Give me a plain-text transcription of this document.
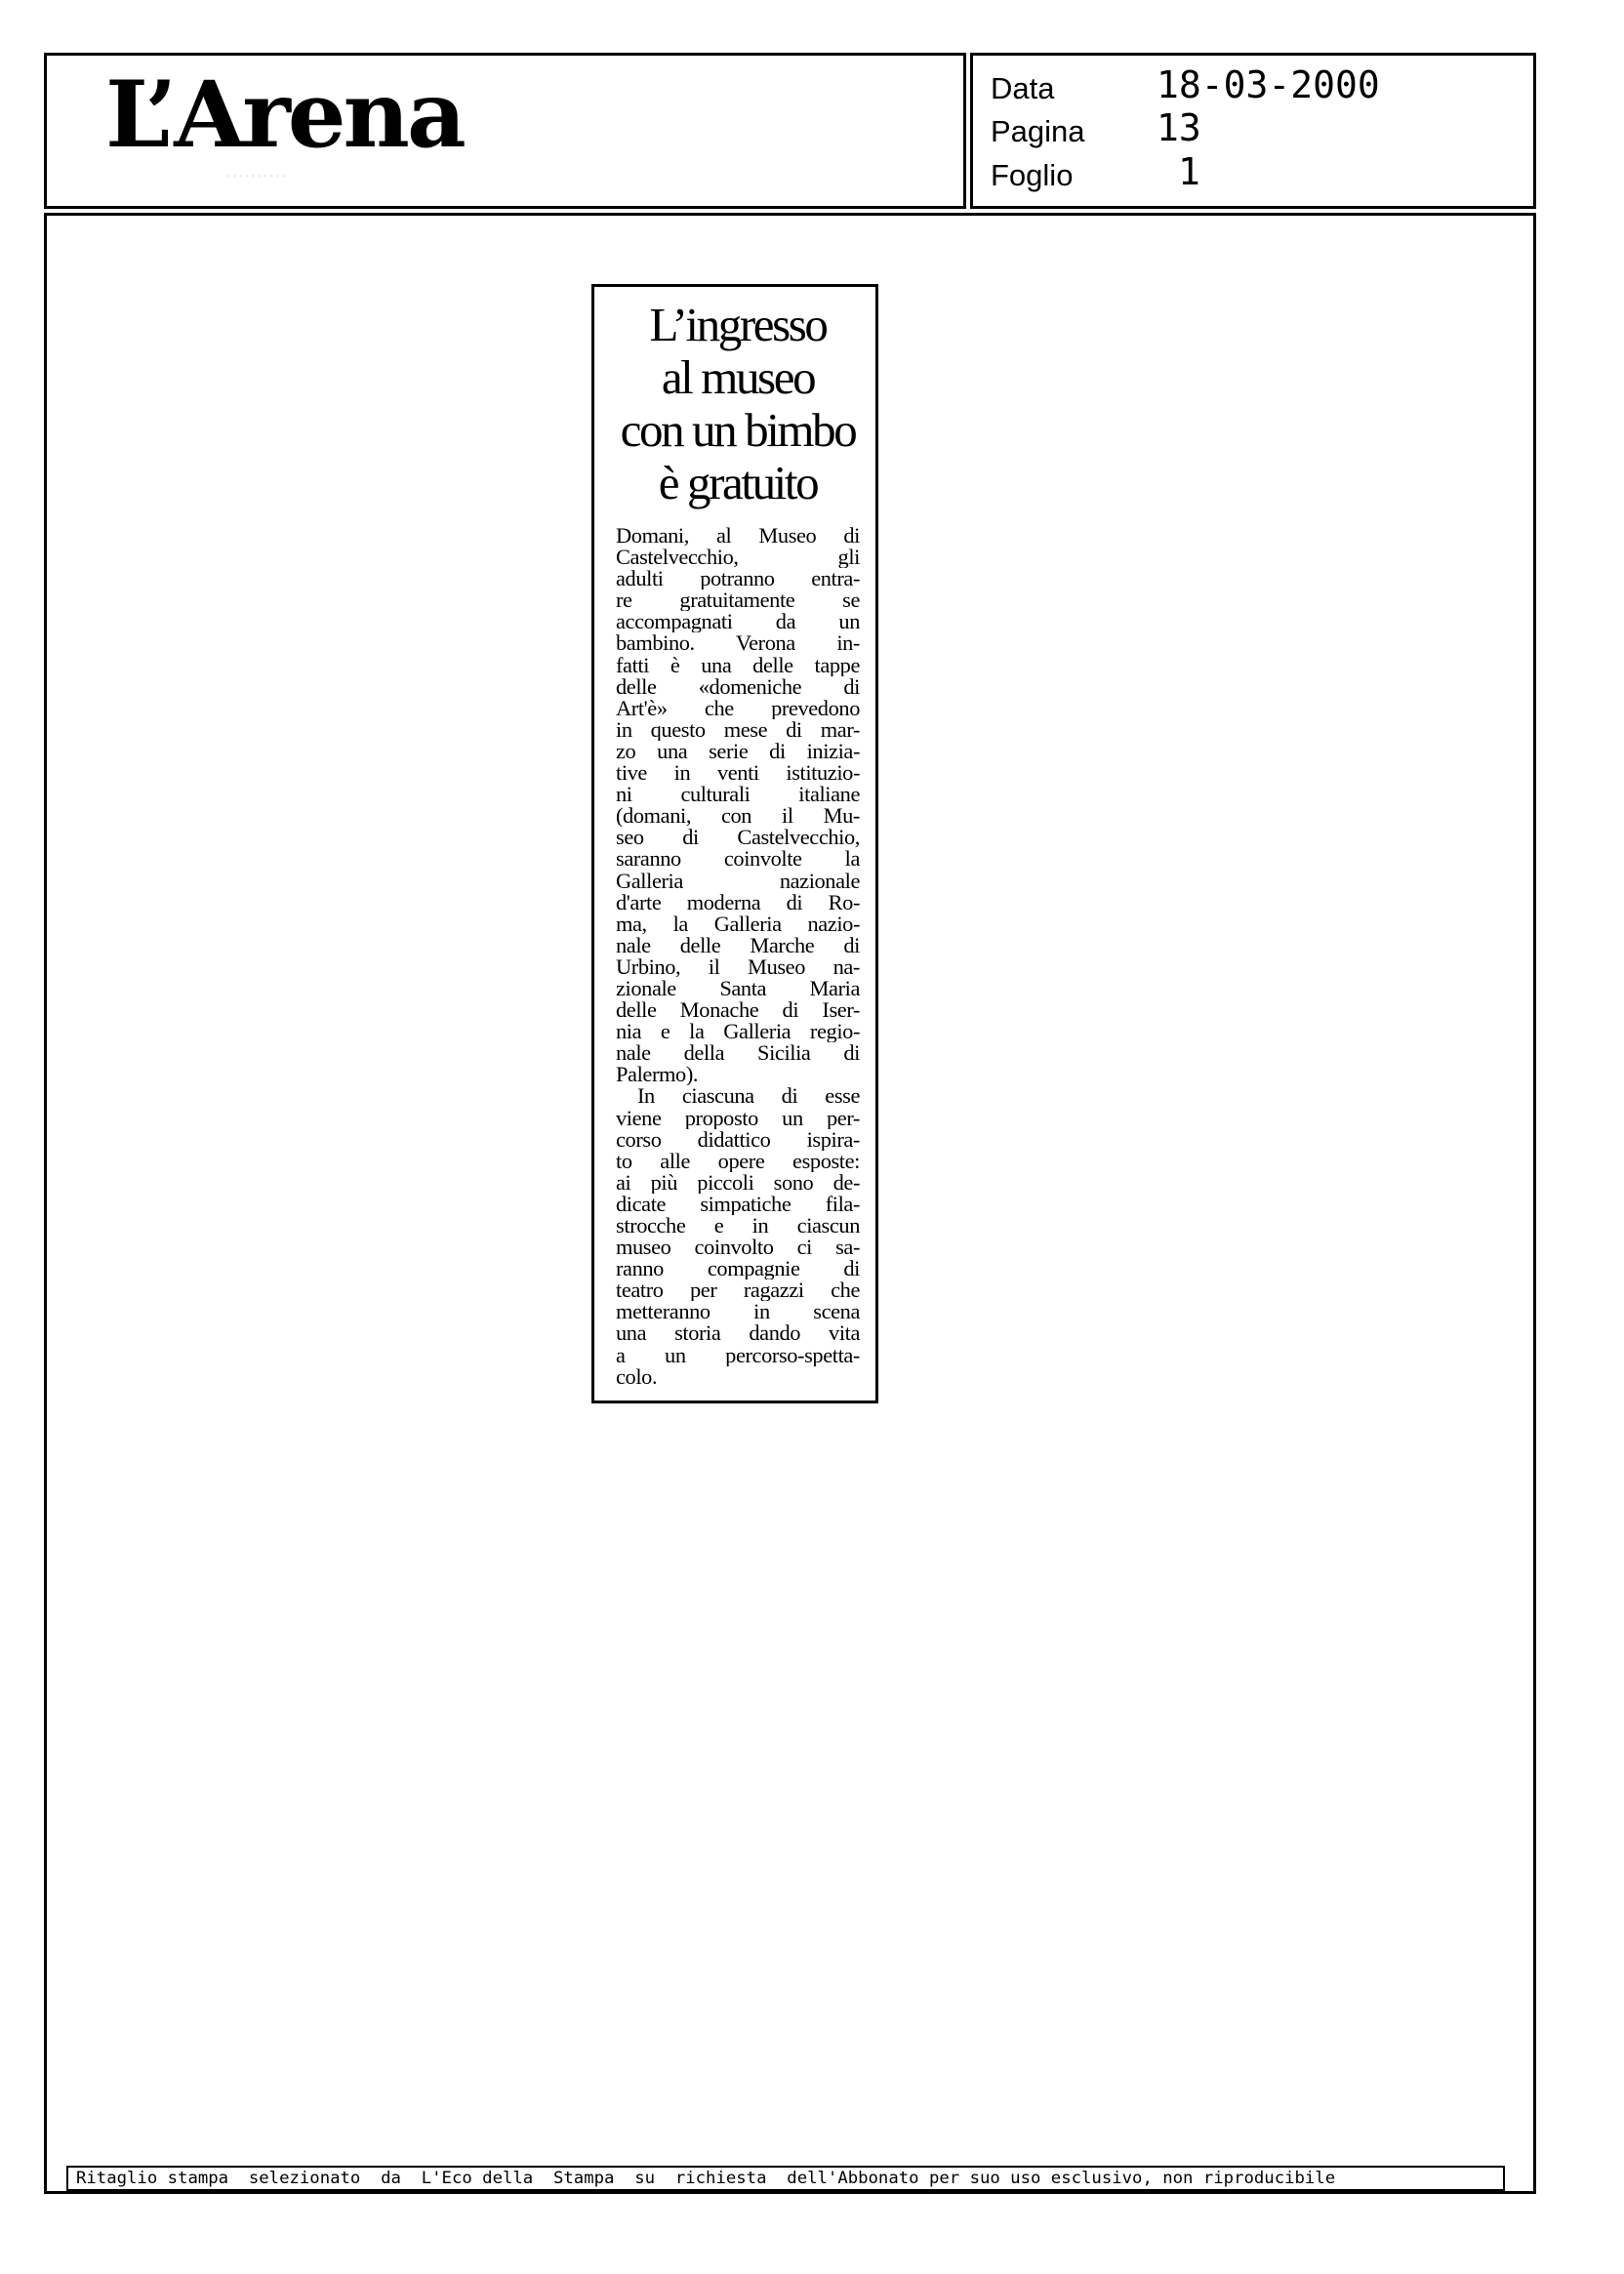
L’Arena
· · · · · · · · · ·
Data	18-03-2000
Pagina 13
Foglio	1
L’ingresso
al museo
con un bimbo
è gratuito
Domani, al Museo di
Castelvecchio, gli
adulti potranno entra-
re gratuitamente se
accompagnati da un
bambino. Verona in-
fatti è una delle tappe
delle «domeniche di
Art'è» che prevedono
in questo mese di mar-
zo una serie di inizia-
tive in venti istituzio-
ni culturali italiane
(domani, con il Mu-
seo di Castelvecchio,
saranno coinvolte la
Galleria nazionale
d'arte moderna di Ro-
ma, la Galleria nazio-
nale delle Marche di
Urbino, il Museo na-
zionale Santa Maria
delle Monache di Iser-
nia e la Galleria regio-
nale della Sicilia di
Palermo).
In ciascuna di esse
viene proposto un per-
corso didattico ispira-
to alle opere esposte:
ai più piccoli sono de-
dicate simpatiche fila-
strocche e in ciascun
museo coinvolto ci sa-
ranno compagnie di
teatro per ragazzi che
metteranno in scena
una storia dando vita
a un percorso-spetta-
colo.
Ritaglio stampa  selezionato  da  L'Eco della  Stampa  su  richiesta  dell'Abbonato per suo uso esclusivo, non riproducibile
